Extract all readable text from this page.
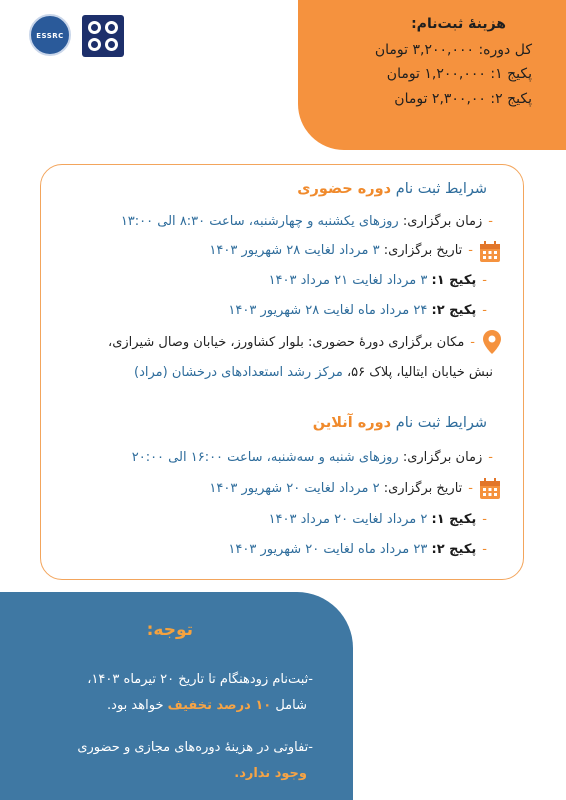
ESSRC
هزینۀ ثبت‌نام:
کل دوره: ۳,۲۰۰,۰۰۰ تومان
پکیج ۱: ۱,۲۰۰,۰۰۰ تومان
پکیج ۲: ۲,۳۰۰,۰۰ تومان
شرایط ثبت نام دوره حضوری
-زمان برگزاری: روزهای یکشنبه و چهارشنبه، ساعت ۸:۳۰ الی ۱۳:۰۰
-تاریخ برگزاری: ۳ مرداد لغایت ۲۸ شهریور ۱۴۰۳
-پکیج ۱: ۳ مرداد لغایت ۲۱ مرداد ۱۴۰۳
-پکیج ۲: ۲۴ مرداد ماه لغایت ۲۸ شهریور ۱۴۰۳
-مکان برگزاری دورۀ حضوری: بلوار کشاورز، خیابان وصال شیرازی،
نبش خیابان ایتالیا، پلاک ۵۶، مرکز رشد استعدادهای درخشان (مراد)
شرایط ثبت نام دوره آنلاین
-زمان برگزاری: روزهای شنبه و سه‌شنبه، ساعت ۱۶:۰۰ الی ۲۰:۰۰
-تاریخ برگزاری: ۲ مرداد لغایت ۲۰ شهریور ۱۴۰۳
-پکیج ۱: ۲ مرداد لغایت ۲۰ مرداد ۱۴۰۳
-پکیج ۲: ۲۳ مرداد ماه لغایت ۲۰ شهریور ۱۴۰۳
توجه:
-ثبت‌نام زودهنگام تا تاریخ ۲۰ تیرماه ۱۴۰۳،
شامل ۱۰ درصد تخفیف خواهد بود.
-تفاوتی در هزینۀ دوره‌های مجازی و حضوری
وجود ندارد.
